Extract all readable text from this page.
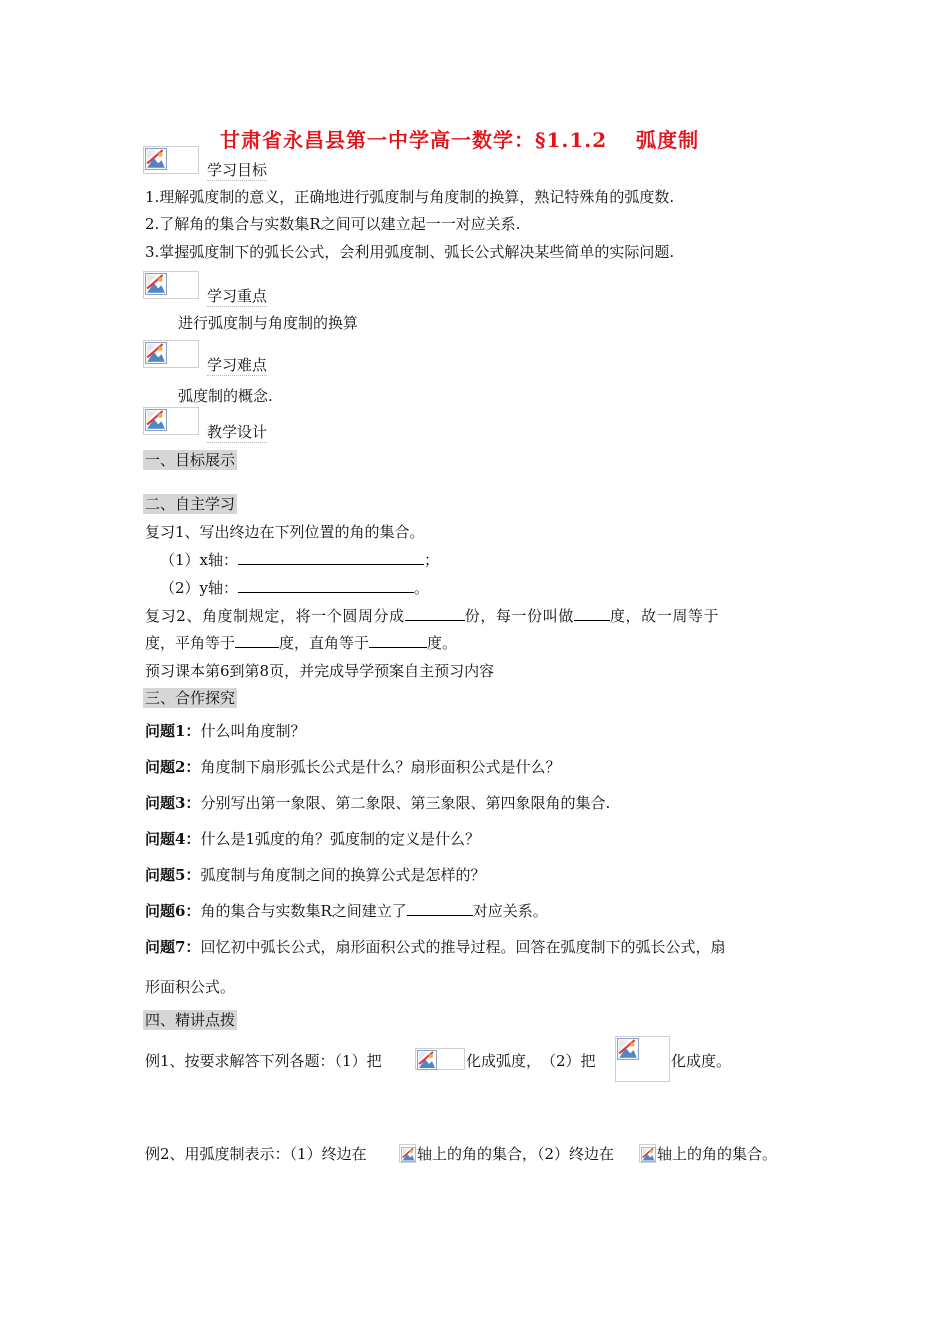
甘肃省永昌县第一中学高一数学：§1.1.2　 弧度制
学习目标
1.理解弧度制的意义，正确地进行弧度制与角度制的换算，熟记特殊角的弧度数.
2.了解角的集合与实数集R之间可以建立起一一对应关系.
3.掌握弧度制下的弧长公式，会利用弧度制、弧长公式解决某些简单的实际问题.
学习重点
进行弧度制与角度制的换算
学习难点
弧度制的概念.
教学设计
一、目标展示
二、自主学习
复习1、写出终边在下列位置的角的集合。
（1）x轴：	；
（2）y轴：	。
复习2、角度制规定，将一个圆周分成	份，每一份叫做 度，故一周等于
度，平角等于	度，直角等于	度。
预习课本第6到第8页，并完成导学预案自主预习内容
三、合作探究
问题1：什么叫角度制？
问题2：角度制下扇形弧长公式是什么？扇形面积公式是什么？
问题3：分别写出第一象限、第二象限、第三象限、第四象限角的集合.
问题4：什么是1弧度的角？弧度制的定义是什么？
问题5：弧度制与角度制之间的换算公式是怎样的？
问题6：角的集合与实数集R之间建立了	对应关系。
问题7：回忆初中弧长公式，扇形面积公式的推导过程。回答在弧度制下的弧长公式，扇
形面积公式。
四、精讲点拨
例1、按要求解答下列各题：（1）把	化成弧度，　（2）把	化成度。
例2、用弧度制表示：（1）终边在	轴上的角的集合，（2）终边在	轴上的角的集合。
